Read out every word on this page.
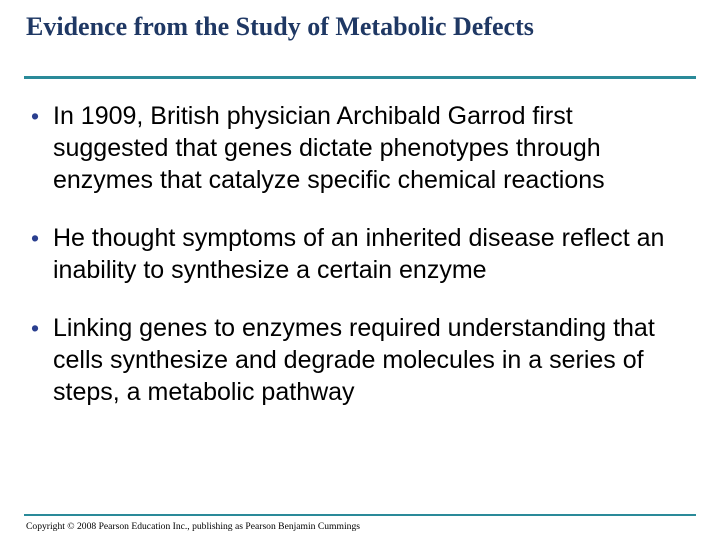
Evidence from the Study of Metabolic Defects
• In 1909, British physician Archibald Garrod first suggested that genes dictate phenotypes through enzymes that catalyze specific chemical reactions
• He thought symptoms of an inherited disease reflect an inability to synthesize a certain enzyme
• Linking genes to enzymes required understanding that cells synthesize and degrade molecules in a series of steps, a metabolic pathway
Copyright © 2008 Pearson Education Inc., publishing as Pearson Benjamin Cummings
